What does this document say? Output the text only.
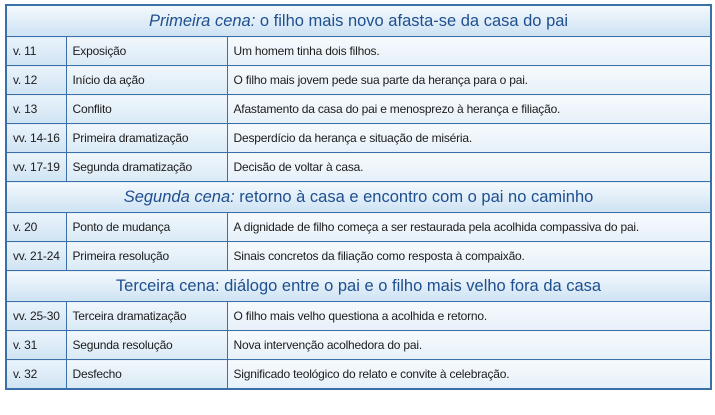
Primeira cena: o filho mais novo afasta-se da casa do pai		
v. 11	Exposição	Um homem tinha dois filhos.
v. 12	Início da ação	O filho mais jovem pede sua parte da herança para o pai.
v. 13	Conflito	Afastamento da casa do pai e menosprezo à herança e filiação.
vv. 14-16	Primeira dramatização	Desperdício da herança e situação de miséria.
vv. 17-19	Segunda dramatização	Decisão de voltar à casa.
Segunda cena: retorno à casa e encontro com o pai no caminho		
v. 20	Ponto de mudança	A dignidade de filho começa a ser restaurada pela acolhida compassiva do pai.
vv. 21-24	Primeira resolução	Sinais concretos da filiação como resposta à compaixão.
Terceira cena: diálogo entre o pai e o filho mais velho fora da casa		
vv. 25-30	Terceira dramatização	O filho mais velho questiona a acolhida e retorno.
v. 31	Segunda resolução	Nova intervenção acolhedora do pai.
v. 32	Desfecho	Significado teológico do relato e convite à celebração.
